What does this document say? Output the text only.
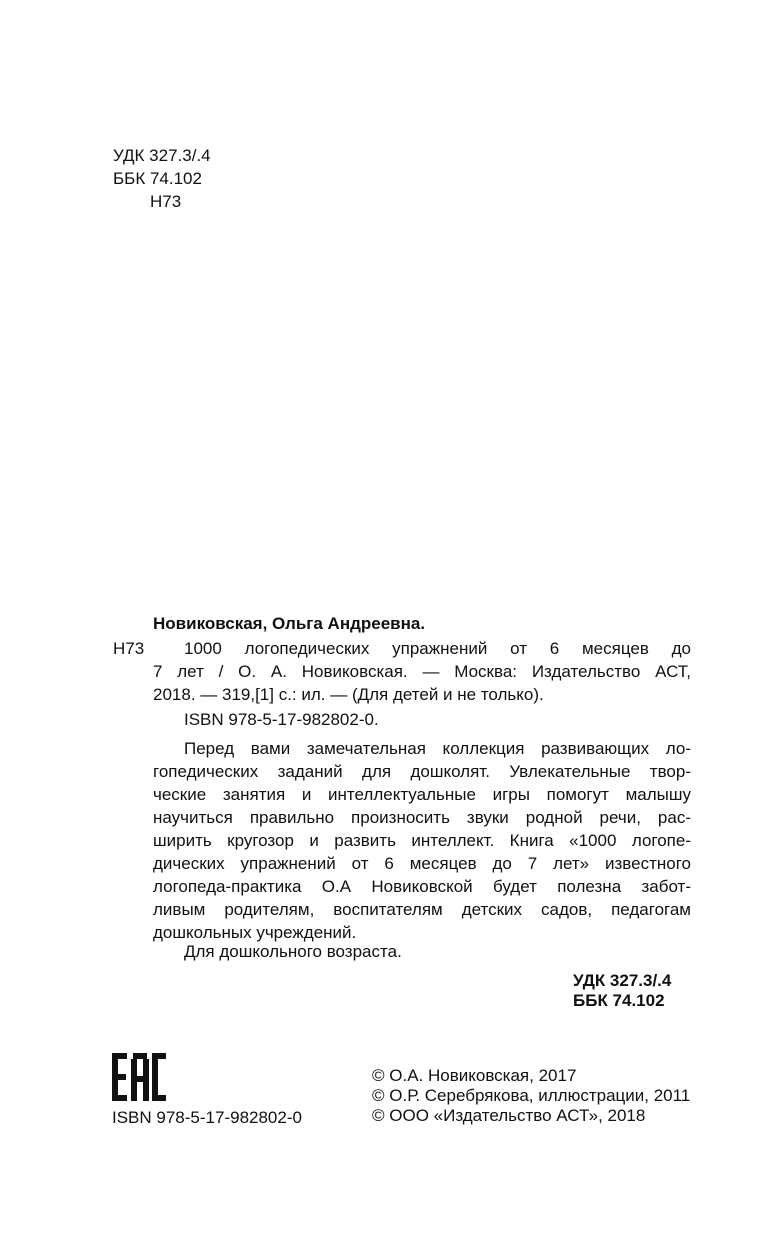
УДК 327.3/.4
ББК 74.102
Н73
Новиковская, Ольга Андреевна.
Н73 1000 логопедических упражнений от 6 месяцев до
7 лет / О. А. Новиковская. — Москва: Издательство АСТ,
2018. — 319,[1] с.: ил. — (Для детей и не только).
ISBN 978-5-17-982802-0.
Перед вами замечательная коллекция развивающих ло-
гопедических заданий для дошколят. Увлекательные твор-
ческие занятия и интеллектуальные игры помогут малышу
научиться правильно произносить звуки родной речи, рас-
ширить кругозор и развить интеллект. Книга «1000 логопе-
дических упражнений от 6 месяцев до 7 лет» известного
логопеда-практика О.А Новиковской будет полезна забот-
ливым родителям, воспитателям детских садов, педагогам
дошкольных учреждений.
Для дошкольного возраста.
УДК 327.3/.4
ББК 74.102
ISBN 978-5-17-982802-0
© О.А. Новиковская, 2017
© О.Р. Серебрякова, иллюстрации, 2011
© ООО «Издательство АСТ», 2018
